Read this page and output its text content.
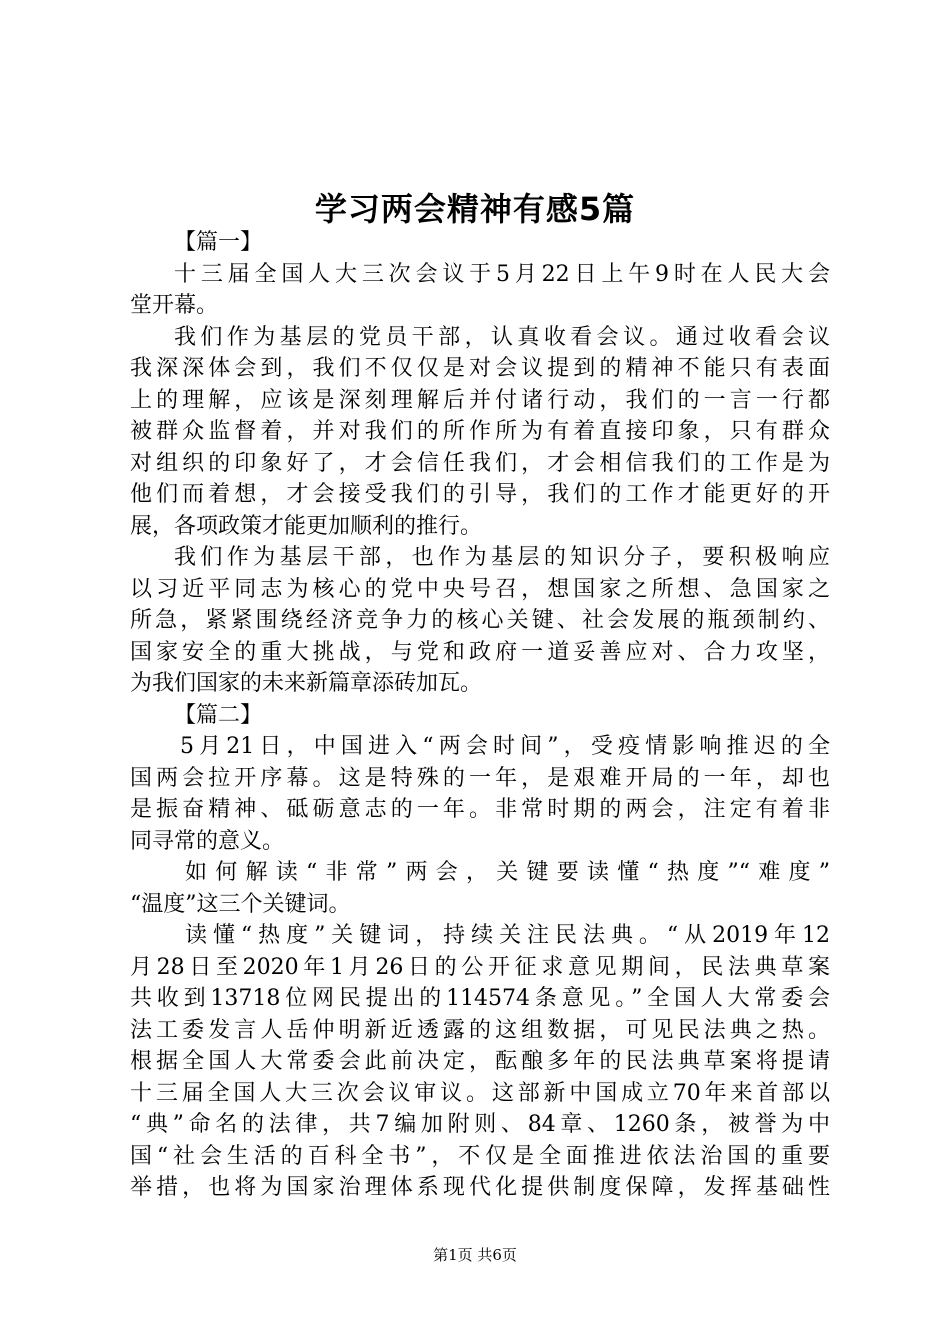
学习两会精神有感5篇
【篇一】
十三届全国人大三次会议于5月22日上午9时在人民大会
堂开幕。
我们作为基层的党员干部，认真收看会议。通过收看会议
我深深体会到，我们不仅仅是对会议提到的精神不能只有表面
上的理解，应该是深刻理解后并付诸行动，我们的一言一行都
被群众监督着，并对我们的所作所为有着直接印象，只有群众
对组织的印象好了，才会信任我们，才会相信我们的工作是为
他们而着想，才会接受我们的引导，我们的工作才能更好的开
展，各项政策才能更加顺利的推行。
我们作为基层干部，也作为基层的知识分子，要积极响应
以习近平同志为核心的党中央号召，想国家之所想、急国家之
所急，紧紧围绕经济竞争力的核心关键、社会发展的瓶颈制约、
国家安全的重大挑战，与党和政府一道妥善应对、合力攻坚，
为我们国家的未来新篇章添砖加瓦。
【篇二】
5月21日，中国进入“两会时间”，受疫情影响推迟的全
国两会拉开序幕。这是特殊的一年，是艰难开局的一年，却也
是振奋精神、砥砺意志的一年。非常时期的两会，注定有着非
同寻常的意义。
如何解读“非常”两会，关键要读懂“热度”“难度”
“温度”这三个关键词。
读懂“热度”关键词，持续关注民法典。“从2019年12
月28日至2020年1月26日的公开征求意见期间，民法典草案
共收到13718位网民提出的114574条意见。”全国人大常委会
法工委发言人岳仲明新近透露的这组数据，可见民法典之热。
根据全国人大常委会此前决定，酝酿多年的民法典草案将提请
十三届全国人大三次会议审议。这部新中国成立70年来首部以
“典”命名的法律，共7编加附则、84章、1260条，被誉为中
国“社会生活的百科全书”，不仅是全面推进依法治国的重要
举措，也将为国家治理体系现代化提供制度保障，发挥基础性
第1页 共6页
